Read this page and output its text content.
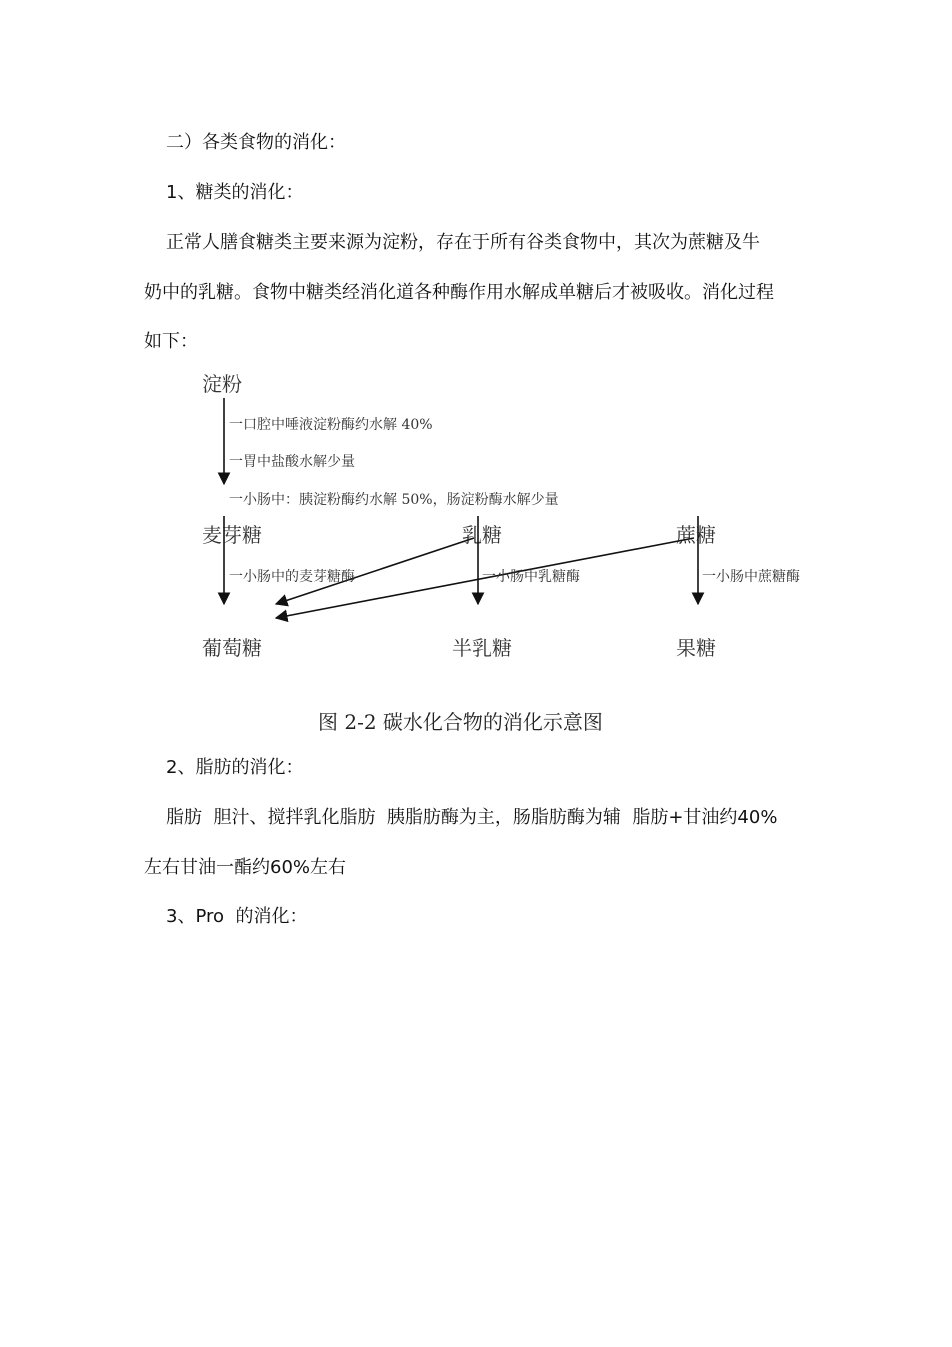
二）各类食物的消化：
1、糖类的消化：
正常人膳食糖类主要来源为淀粉，存在于所有谷类食物中，其次为蔗糖及牛
奶中的乳糖。食物中糖类经消化道各种酶作用水解成单糖后才被吸收。消化过程
如下：
淀粉
一口腔中唾液淀粉酶约水解 40%
一胃中盐酸水解少量
一小肠中：胰淀粉酶约水解 50%，肠淀粉酶水解少量
麦芽糖	乳糖	蔗糖
一小肠中的麦芽糖酶	一小肠中乳糖酶	一小肠中蔗糖酶
葡萄糖	半乳糖	果糖
图 2-2 碳水化合物的消化示意图
2、脂肪的消化：
脂肪  胆汁、搅拌乳化脂肪  胰脂肪酶为主，肠脂肪酶为辅  脂肪+甘油约40%
左右甘油一酯约60%左右
3、Pro  的消化：
